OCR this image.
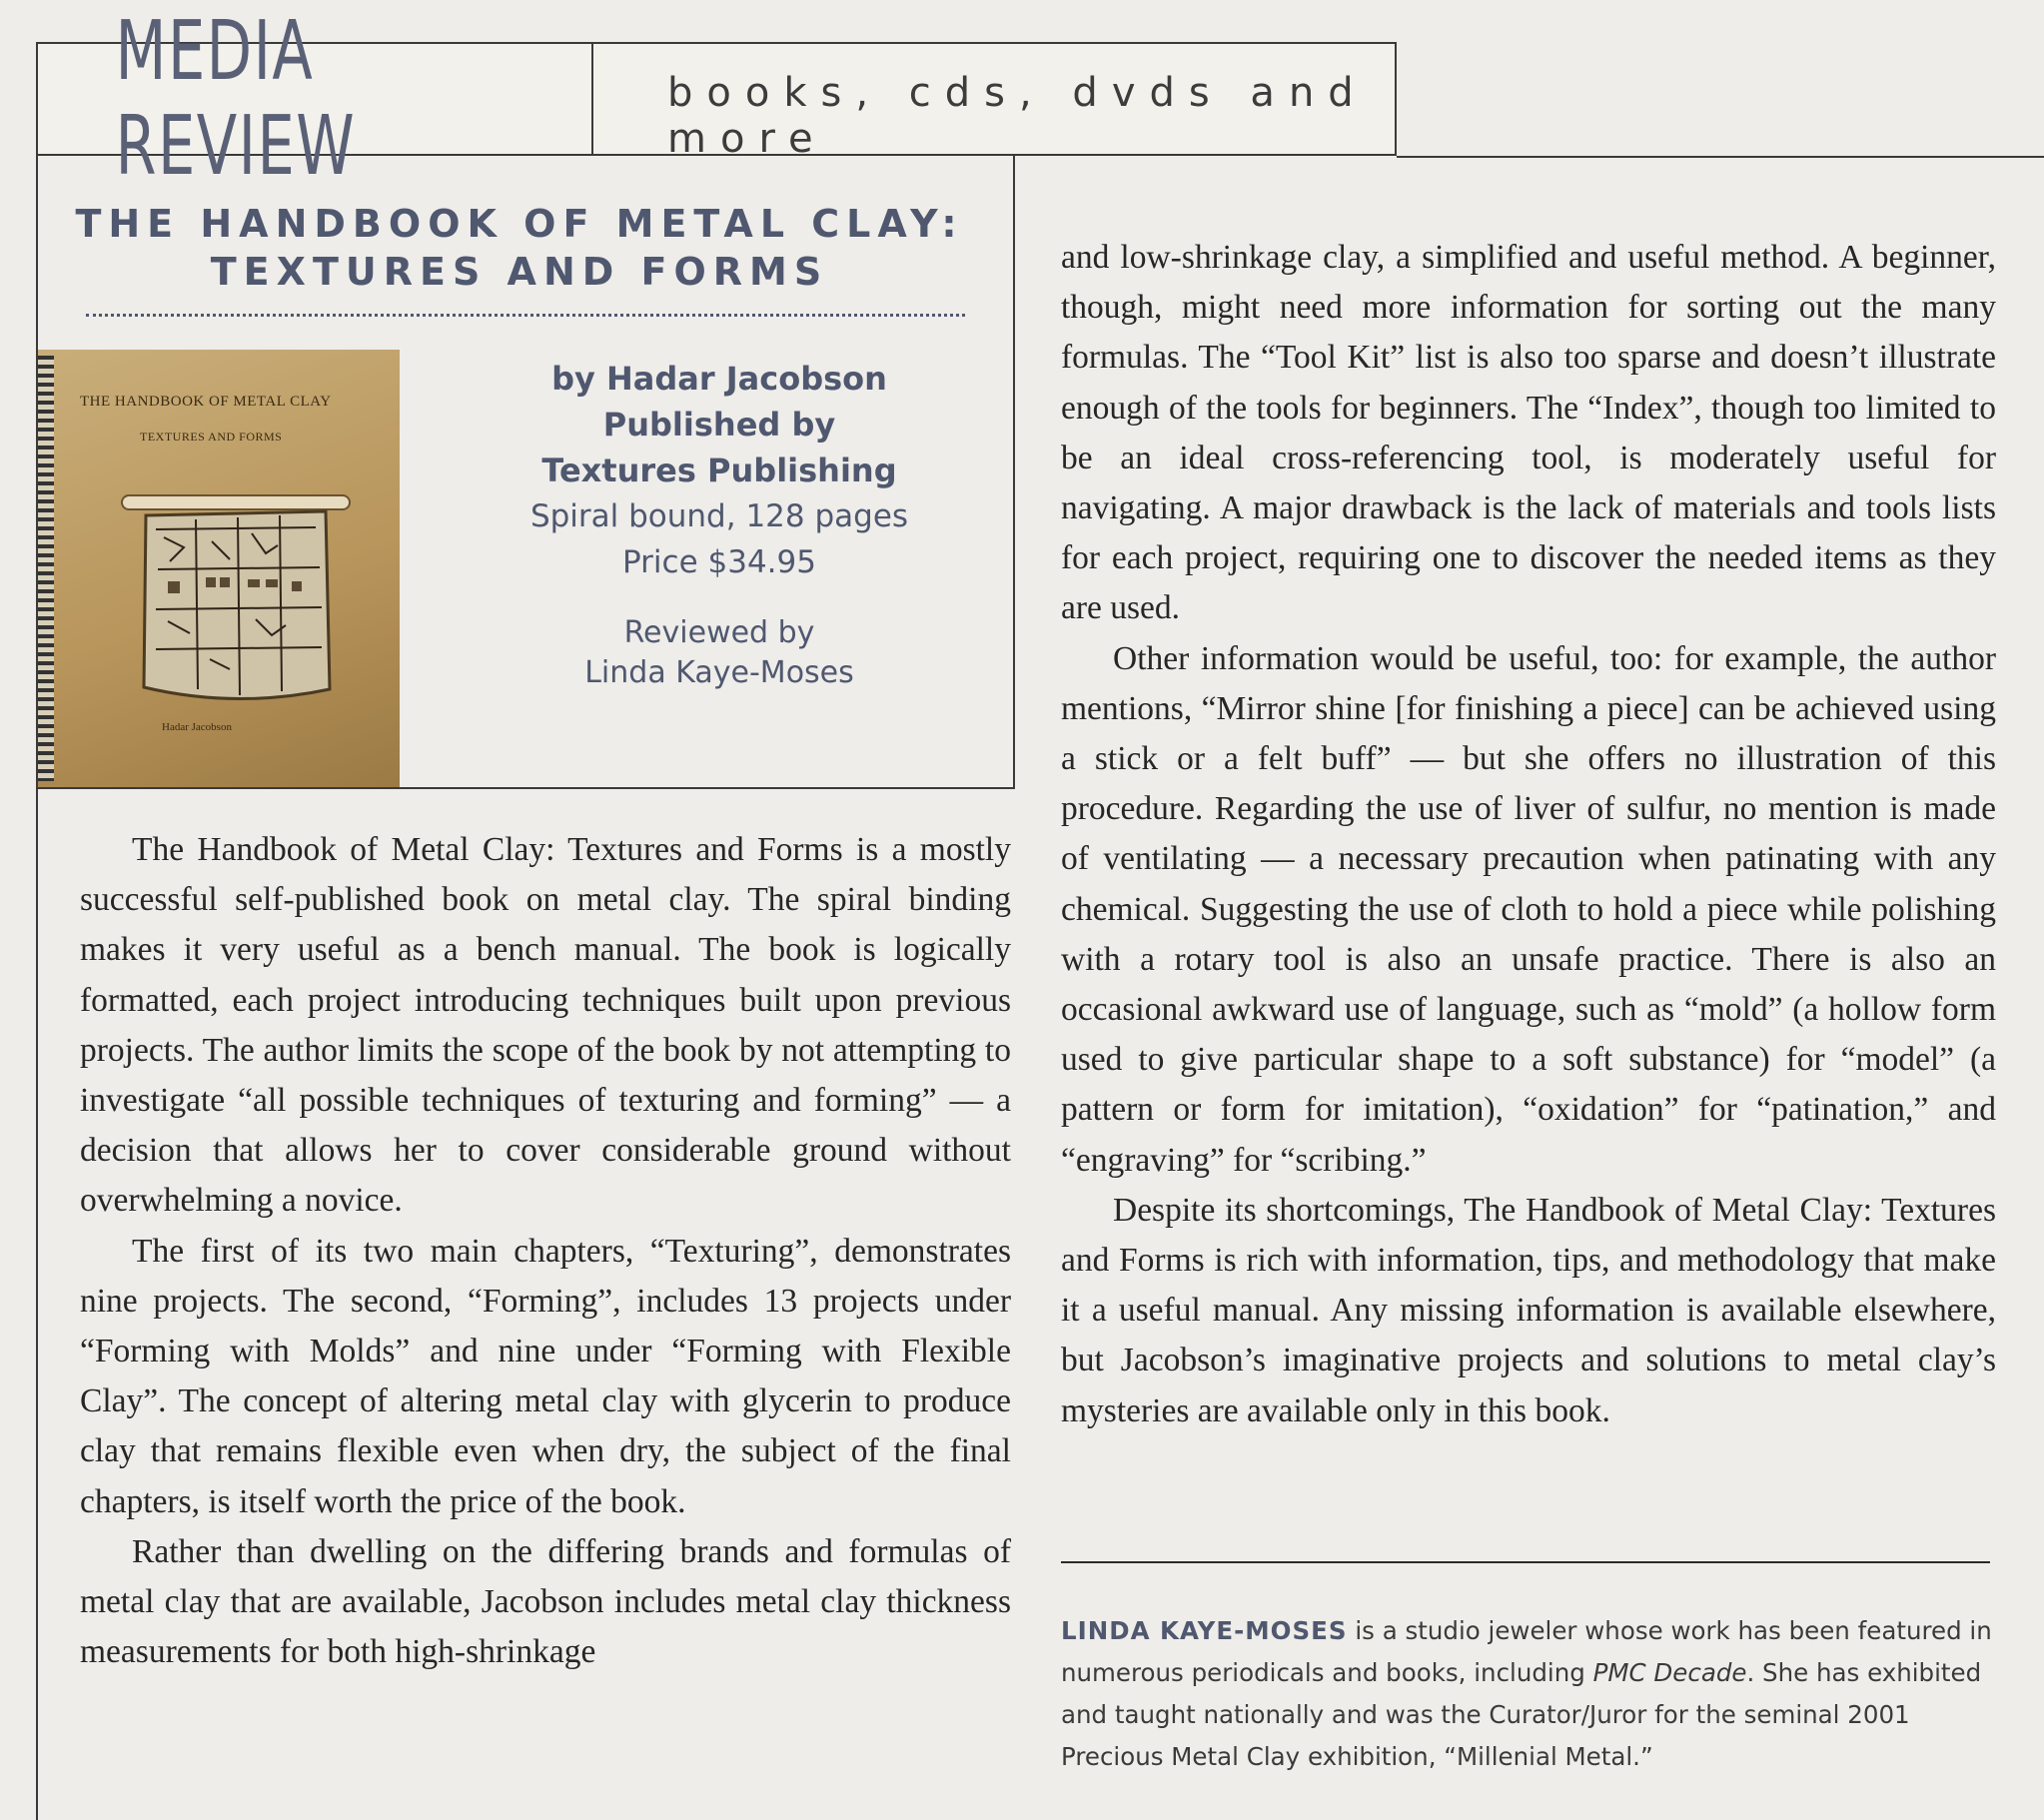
MEDIA REVIEW
books, cds, dvds and more
THE HANDBOOK OF METAL CLAY:
TEXTURES AND FORMS
THE HANDBOOK OF METAL CLAY
TEXTURES AND FORMS
Hadar Jacobson
by Hadar Jacobson
Published by
Textures Publishing
Spiral bound, 128 pages
Price $34.95
Reviewed by
Linda Kaye-Moses

The Handbook of Metal Clay: Textures and Forms is a mostly successful self-published book on metal clay. The spiral binding makes it very useful as a bench manual. The book is logically formatted, each project introducing techniques built upon previous projects. The author limits the scope of the book by not attempting to investigate “all possible techniques of texturing and forming” — a decision that allows her to cover considerable ground without overwhelming a novice.

The first of its two main chapters, “Texturing”, demonstrates nine projects. The second, “Forming”, includes 13 projects under “Forming with Molds” and nine under “Forming with Flexible Clay”. The concept of altering metal clay with glycerin to produce clay that remains flexible even when dry, the subject of the final chapters, is itself worth the price of the book.

Rather than dwelling on the differing brands and formulas of metal clay that are available, Jacobson includes metal clay thickness measurements for both high-shrinkage

and low-shrinkage clay, a simplified and useful method. A beginner, though, might need more information for sorting out the many formulas. The “Tool Kit” list is also too sparse and doesn’t illustrate enough of the tools for beginners. The “Index”, though too limited to be an ideal cross-referencing tool, is moderately useful for navigating. A major drawback is the lack of materials and tools lists for each project, requiring one to discover the needed items as they are used.

Other information would be useful, too: for example, the author mentions, “Mirror shine [for finishing a piece] can be achieved using a stick or a felt buff” — but she offers no illustration of this procedure. Regarding the use of liver of sulfur, no mention is made of ventilating — a necessary precaution when patinating with any chemical. Suggesting the use of cloth to hold a piece while polishing with a rotary tool is also an unsafe practice. There is also an occasional awkward use of language, such as “mold” (a hollow form used to give particular shape to a soft substance) for “model” (a pattern or form for imitation), “oxidation” for “patination,” and “engraving” for “scribing.”

Despite its shortcomings, The Handbook of Metal Clay: Textures and Forms is rich with information, tips, and methodology that make it a useful manual. Any missing information is available elsewhere, but Jacobson’s imaginative projects and solutions to metal clay’s mysteries are available only in this book.

LINDA KAYE-MOSES is a studio jeweler whose work has been featured in numerous periodicals and books, including PMC Decade. She has exhibited and taught nationally and was the Curator/Juror for the seminal 2001 Precious Metal Clay exhibition, “Millenial Metal.”
